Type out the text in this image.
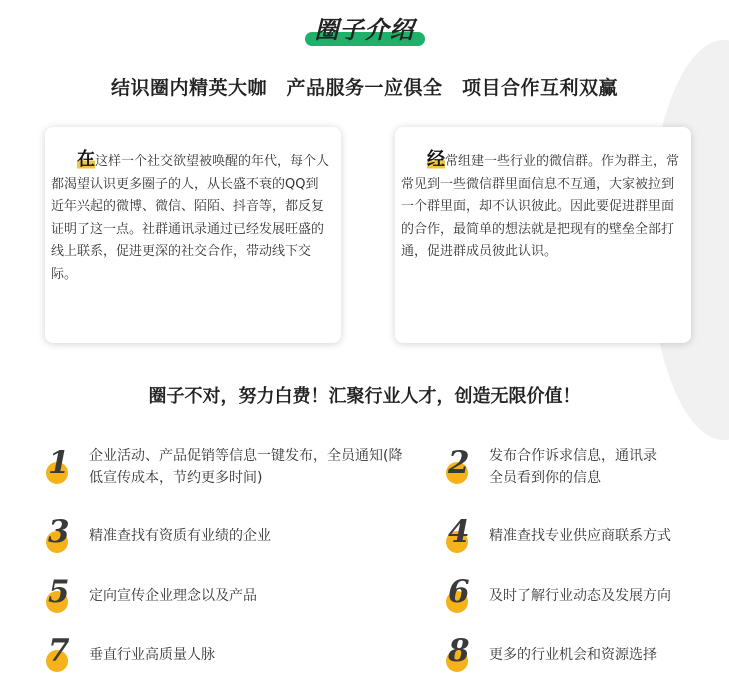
圈子介绍
结识圈内精英大咖　产品服务一应俱全　项目合作互利双赢

在这样一个社交欲望被唤醒的年代，每个人都渴望认识更多圈子的人，从长盛不衰的QQ到近年兴起的微博、微信、陌陌、抖音等，都反复证明了这一点。社群通讯录通过已经发展旺盛的线上联系，促进更深的社交合作，带动线下交际。

经常组建一些行业的微信群。作为群主，常常见到一些微信群里面信息不互通，大家被拉到一个群里面，却不认识彼此。因此要促进群里面的合作，最简单的想法就是把现有的壁垒全部打通，促进群成员彼此认识。

圈子不对，努力白费！汇聚行业人才，创造无限价值！
1 企业活动、产品促销等信息一键发布，全员通知(降低宣传成本，节约更多时间)	2 发布合作诉求信息，通讯录全员看到你的信息
3 精准查找有资质有业绩的企业	4 精准查找专业供应商联系方式
5 定向宣传企业理念以及产品	6 及时了解行业动态及发展方向
7 垂直行业高质量人脉	8 更多的行业机会和资源选择
